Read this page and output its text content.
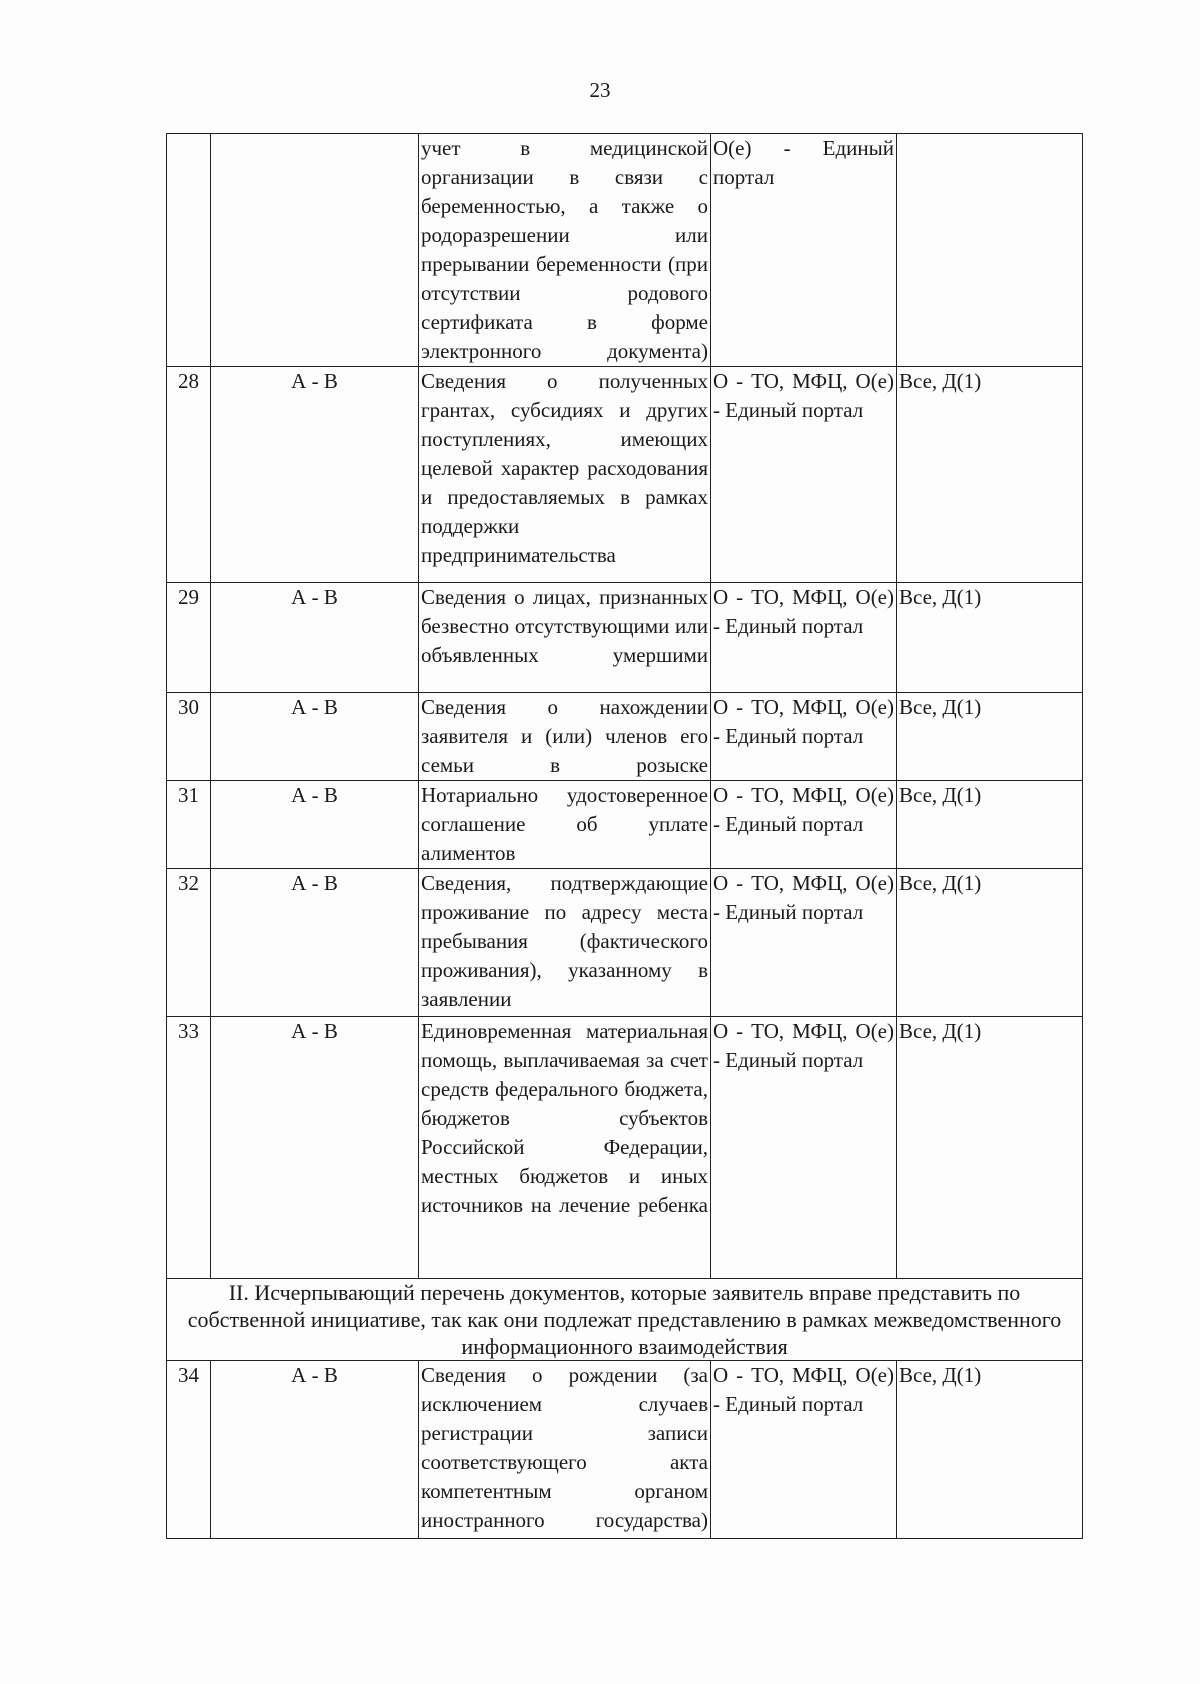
23
		учет в медицинской организации в связи с беременностью, а также о родоразрешении или прерывании беременности (при отсутствии родового сертификата в форме электронного документа)	О(е) - Единый портал	
28	А - В	Сведения о полученных грантах, субсидиях и других поступлениях, имеющих целевой характер расходования и предоставляемых в рамках поддержки предпринимательства	О - ТО, МФЦ, О(е) - Единый портал	Все, Д(1)
29	А - В	Сведения о лицах, признанных безвестно отсутствующими или объявленных умершими	О - ТО, МФЦ, О(е) - Единый портал	Все, Д(1)
30	А - В	Сведения о нахождении заявителя и (или) членов его семьи в розыске	О - ТО, МФЦ, О(е) - Единый портал	Все, Д(1)
31	А - В	Нотариально удостоверенное соглашение об уплате алиментов	О - ТО, МФЦ, О(е) - Единый портал	Все, Д(1)
32	А - В	Сведения, подтверждающие проживание по адресу места пребывания (фактического проживания), указанному в заявлении	О - ТО, МФЦ, О(е) - Единый портал	Все, Д(1)
33	А - В	Единовременная материальная помощь, выплачиваемая за счет средств федерального бюджета, бюджетов субъектов Российской Федерации, местных бюджетов и иных источников на лечение ребенка	О - ТО, МФЦ, О(е) - Единый портал	Все, Д(1)
II. Исчерпывающий перечень документов, которые заявитель вправе представить по собственной инициативе, так как они подлежат представлению в рамках межведомственного информационного взаимодействия				
34	А - В	Сведения о рождении (за исключением случаев регистрации записи соответствующего акта компетентным органом иностранного государства)	О - ТО, МФЦ, О(е) - Единый портал	Все, Д(1)
